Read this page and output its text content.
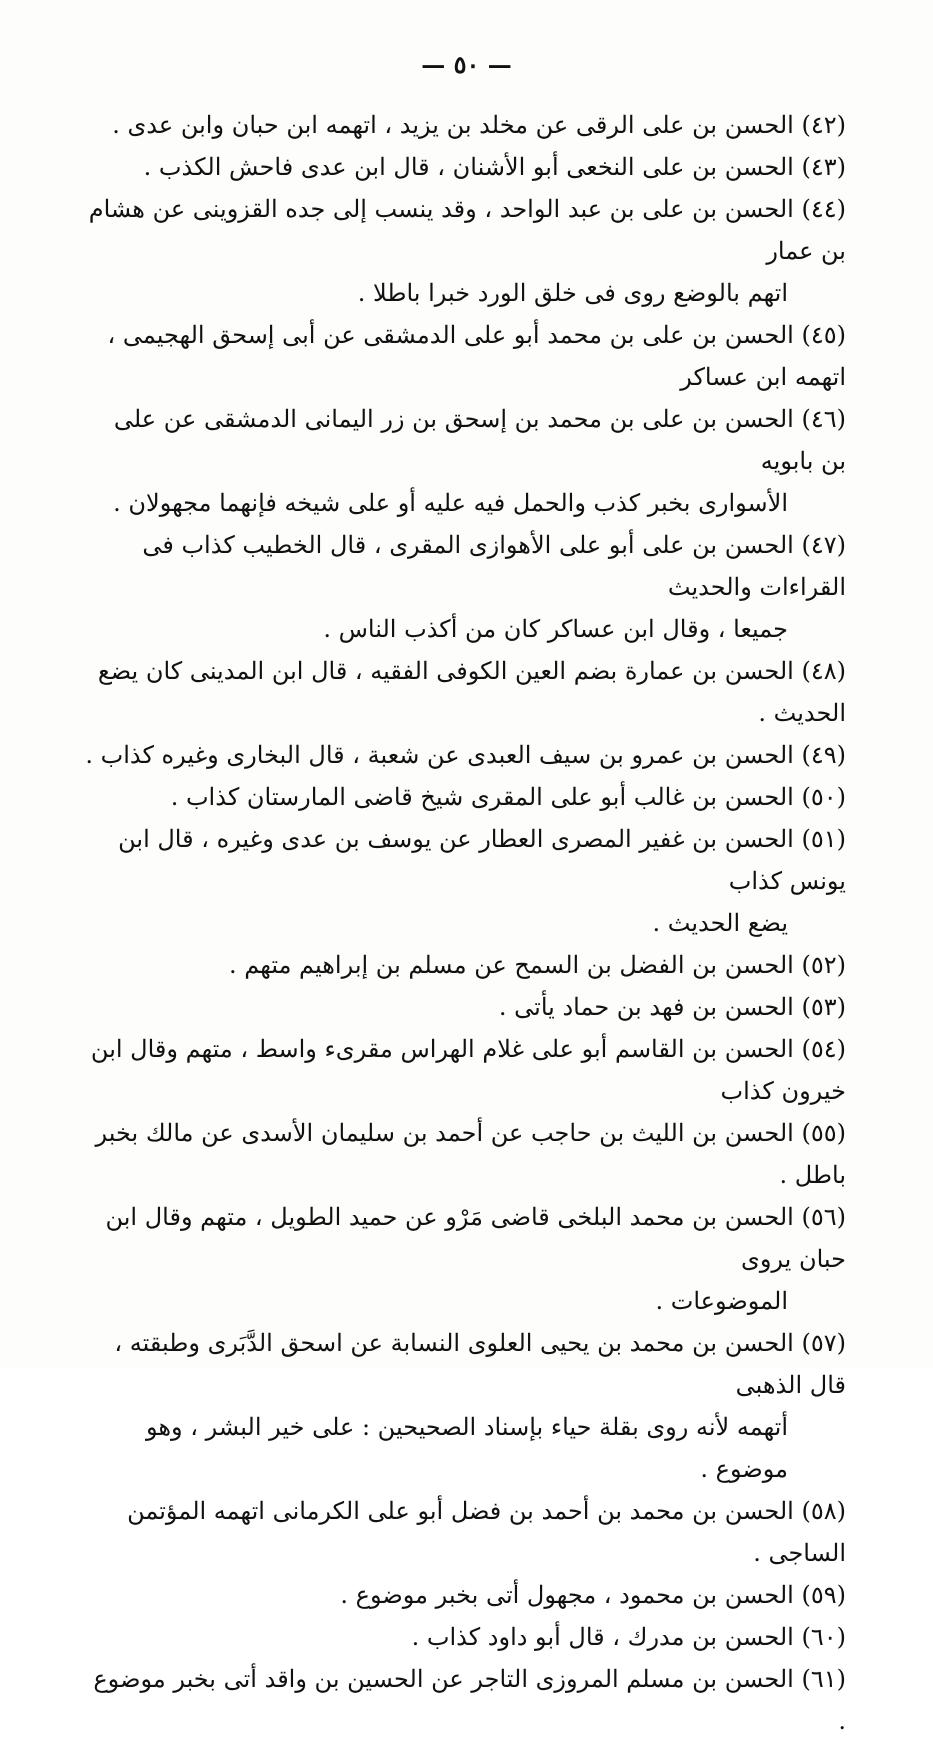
— ٥٠ —

(٤٢) الحسن بن على الرقى عن مخلد بن يزيد ، اتهمه ابن حبان وابن عدى .

(٤٣) الحسن بن على النخعى أبو الأشنان ، قال ابن عدى فاحش الكذب .

(٤٤) الحسن بن على بن عبد الواحد ، وقد ينسب إلى جده القزوينى عن هشام بن عمار
اتهم بالوضع روى فى خلق الورد خبرا باطلا .

(٤٥) الحسن بن على بن محمد أبو على الدمشقى عن أبى إسحق الهجيمى ، اتهمه ابن عساكر

(٤٦) الحسن بن على بن محمد بن إسحق بن زر اليمانى الدمشقى عن على بن بابويه
الأسوارى بخبر كذب والحمل فيه عليه أو على شيخه فإنهما مجهولان .

(٤٧) الحسن بن على أبو على الأهوازى المقرى ، قال الخطيب كذاب فى القراءات والحديث
جميعا ، وقال ابن عساكر كان من أكذب الناس .

(٤٨) الحسن بن عمارة بضم العين الكوفى الفقيه ، قال ابن المدينى كان يضع الحديث .

(٤٩) الحسن بن عمرو بن سيف العبدى عن شعبة ، قال البخارى وغيره كذاب .

(٥٠) الحسن بن غالب أبو على المقرى شيخ قاضى المارستان كذاب .

(٥١) الحسن بن غفير المصرى العطار عن يوسف بن عدى وغيره ، قال ابن يونس كذاب
يضع الحديث .

(٥٢) الحسن بن الفضل بن السمح عن مسلم بن إبراهيم متهم .

(٥٣) الحسن بن فهد بن حماد يأتى .

(٥٤) الحسن بن القاسم أبو على غلام الهراس مقرىء واسط ، متهم وقال ابن خيرون كذاب

(٥٥) الحسن بن الليث بن حاجب عن أحمد بن سليمان الأسدى عن مالك بخبر باطل .

(٥٦) الحسن بن محمد البلخى قاضى مَرْو عن حميد الطويل ، متهم وقال ابن حبان يروى
الموضوعات .

(٥٧) الحسن بن محمد بن يحيى العلوى النسابة عن اسحق الدَّبَرى وطبقته ، قال الذهبى
أتهمه لأنه روى بقلة حياء بإسناد الصحيحين : على خير البشر ، وهو موضوع .

(٥٨) الحسن بن محمد بن أحمد بن فضل أبو على الكرمانى اتهمه المؤتمن الساجى .

(٥٩) الحسن بن محمود ، مجهول أتى بخبر موضوع .

(٦٠) الحسن بن مدرك ، قال أبو داود كذاب .

(٦١) الحسن بن مسلم المروزى التاجر عن الحسين بن واقد أتى بخبر موضوع .
